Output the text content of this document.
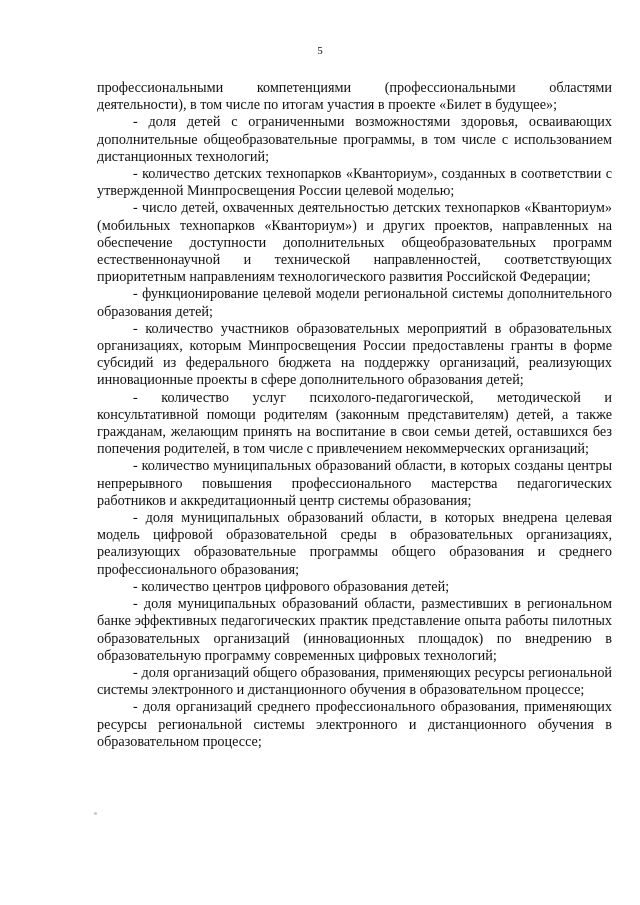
5

профессиональными компетенциями (профессиональными областями деятельности), в том числе по итогам участия в проекте «Билет в будущее»;

- доля детей с ограниченными возможностями здоровья, осваивающих дополнительные общеобразовательные программы, в том числе с использованием дистанционных технологий;

- количество детских технопарков «Кванториум», созданных в соответствии с утвержденной Минпросвещения России целевой моделью;

- число детей, охваченных деятельностью детских технопарков «Кванториум» (мобильных технопарков «Кванториум») и других проектов, направленных на обеспечение доступности дополнительных общеобразовательных программ естественнонаучной и технической направленностей, соответствующих приоритетным направлениям технологического развития Российской Федерации;

- функционирование целевой модели региональной системы дополнительного образования детей;

- количество участников образовательных мероприятий в образовательных организациях, которым Минпросвещения России предоставлены гранты в форме субсидий из федерального бюджета на поддержку организаций, реализующих инновационные проекты в сфере дополнительного образования детей;

- количество услуг психолого-педагогической, методической и консультативной помощи родителям (законным представителям) детей, а также гражданам, желающим принять на воспитание в свои семьи детей, оставшихся без попечения родителей, в том числе с привлечением некоммерческих организаций;

- количество муниципальных образований области, в которых созданы центры непрерывного повышения профессионального мастерства педагогических работников и аккредитационный центр системы образования;

- доля муниципальных образований области, в которых внедрена целевая модель цифровой образовательной среды в образовательных организациях, реализующих образовательные программы общего образования и среднего профессионального образования;

- количество центров цифрового образования детей;

- доля муниципальных образований области, разместивших в региональном банке эффективных педагогических практик представление опыта работы пилотных образовательных организаций (инновационных площадок) по внедрению в образовательную программу современных цифровых технологий;

- доля организаций общего образования, применяющих ресурсы региональной системы электронного и дистанционного обучения в образовательном процессе;

- доля организаций среднего профессионального образования, применяющих ресурсы региональной системы электронного и дистанционного обучения в образовательном процессе;
